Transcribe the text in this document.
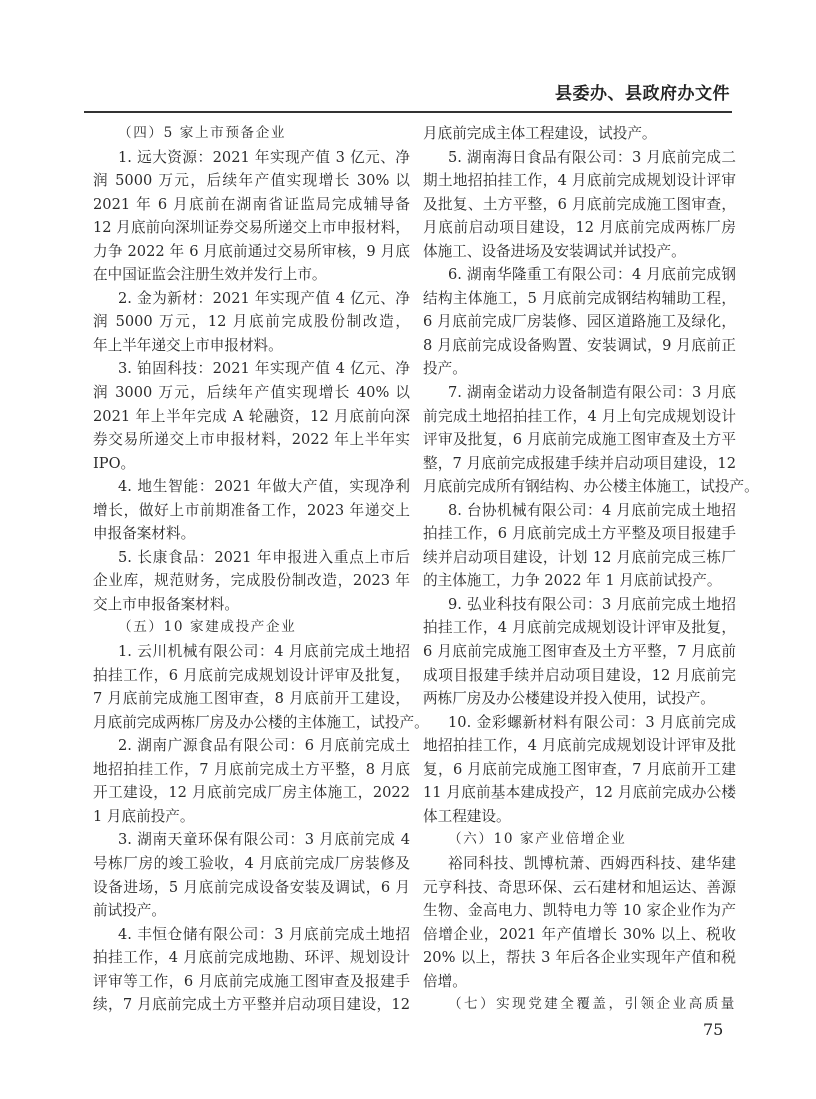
县委办、县政府办文件
（四）5 家上市预备企业
1. 远大资源：2021 年实现产值 3 亿元、净
润 5000 万元，后续年产值实现增长 30% 以
2021 年 6 月底前在湖南省证监局完成辅导备
12 月底前向深圳证券交易所递交上市申报材料，
力争 2022 年 6 月底前通过交易所审核，9 月底
在中国证监会注册生效并发行上市。
2. 金为新材：2021 年实现产值 4 亿元、净
润 5000 万元，12 月底前完成股份制改造，
年上半年递交上市申报材料。
3. 铂固科技：2021 年实现产值 4 亿元、净
润 3000 万元，后续年产值实现增长 40% 以
2021 年上半年完成 A 轮融资，12 月底前向深
券交易所递交上市申报材料，2022 年上半年实
IPO。
4. 地生智能：2021 年做大产值，实现净利
增长，做好上市前期准备工作，2023 年递交上
申报备案材料。
5. 长康食品：2021 年申报进入重点上市后
企业库，规范财务，完成股份制改造，2023 年
交上市申报备案材料。
（五）10 家建成投产企业
1. 云川机械有限公司：4 月底前完成土地招
拍挂工作，6 月底前完成规划设计评审及批复，
7 月底前完成施工图审查，8 月底前开工建设，
月底前完成两栋厂房及办公楼的主体施工，试投产。
2. 湖南广源食品有限公司：6 月底前完成土
地招拍挂工作，7 月底前完成土方平整，8 月底
开工建设，12 月底前完成厂房主体施工，2022
1 月底前投产。
3. 湖南天童环保有限公司：3 月底前完成 4
号栋厂房的竣工验收，4 月底前完成厂房装修及
设备进场，5 月底前完成设备安装及调试，6 月
前试投产。
4. 丰恒仓储有限公司：3 月底前完成土地招
拍挂工作，4 月底前完成地勘、环评、规划设计
评审等工作，6 月底前完成施工图审查及报建手
续，7 月底前完成土方平整并启动项目建设，12
月底前完成主体工程建设，试投产。
5. 湖南海日食品有限公司：3 月底前完成二
期土地招拍挂工作，4 月底前完成规划设计评审
及批复、土方平整，6 月底前完成施工图审查，
月底前启动项目建设，12 月底前完成两栋厂房
体施工、设备进场及安装调试并试投产。
6. 湖南华隆重工有限公司：4 月底前完成钢
结构主体施工，5 月底前完成钢结构辅助工程，
6 月底前完成厂房装修、园区道路施工及绿化，
8 月底前完成设备购置、安装调试，9 月底前正
投产。
7. 湖南金诺动力设备制造有限公司：3 月底
前完成土地招拍挂工作，4 月上旬完成规划设计
评审及批复，6 月底前完成施工图审查及土方平
整，7 月底前完成报建手续并启动项目建设，12
月底前完成所有钢结构、办公楼主体施工，试投产。
8. 台协机械有限公司：4 月底前完成土地招
拍挂工作，6 月底前完成土方平整及项目报建手
续并启动项目建设，计划 12 月底前完成三栋厂
的主体施工，力争 2022 年 1 月底前试投产。
9. 弘业科技有限公司：3 月底前完成土地招
拍挂工作，4 月底前完成规划设计评审及批复，
6 月底前完成施工图审查及土方平整，7 月底前
成项目报建手续并启动项目建设，12 月底前完
两栋厂房及办公楼建设并投入使用，试投产。
10. 金彩螺新材料有限公司：3 月底前完成
地招拍挂工作，4 月底前完成规划设计评审及批
复，6 月底前完成施工图审查，7 月底前开工建
11 月底前基本建成投产，12 月底前完成办公楼
体工程建设。
（六）10 家产业倍增企业
裕同科技、凯博杭萧、西姆西科技、建华建
元亨科技、奇思环保、云石建材和旭运达、善源
生物、金高电力、凯特电力等 10 家企业作为产
倍增企业，2021 年产值增长 30% 以上、税收
20% 以上，帮扶 3 年后各企业实现年产值和税
倍增。
（七）实现党建全覆盖，引领企业高质量
75
